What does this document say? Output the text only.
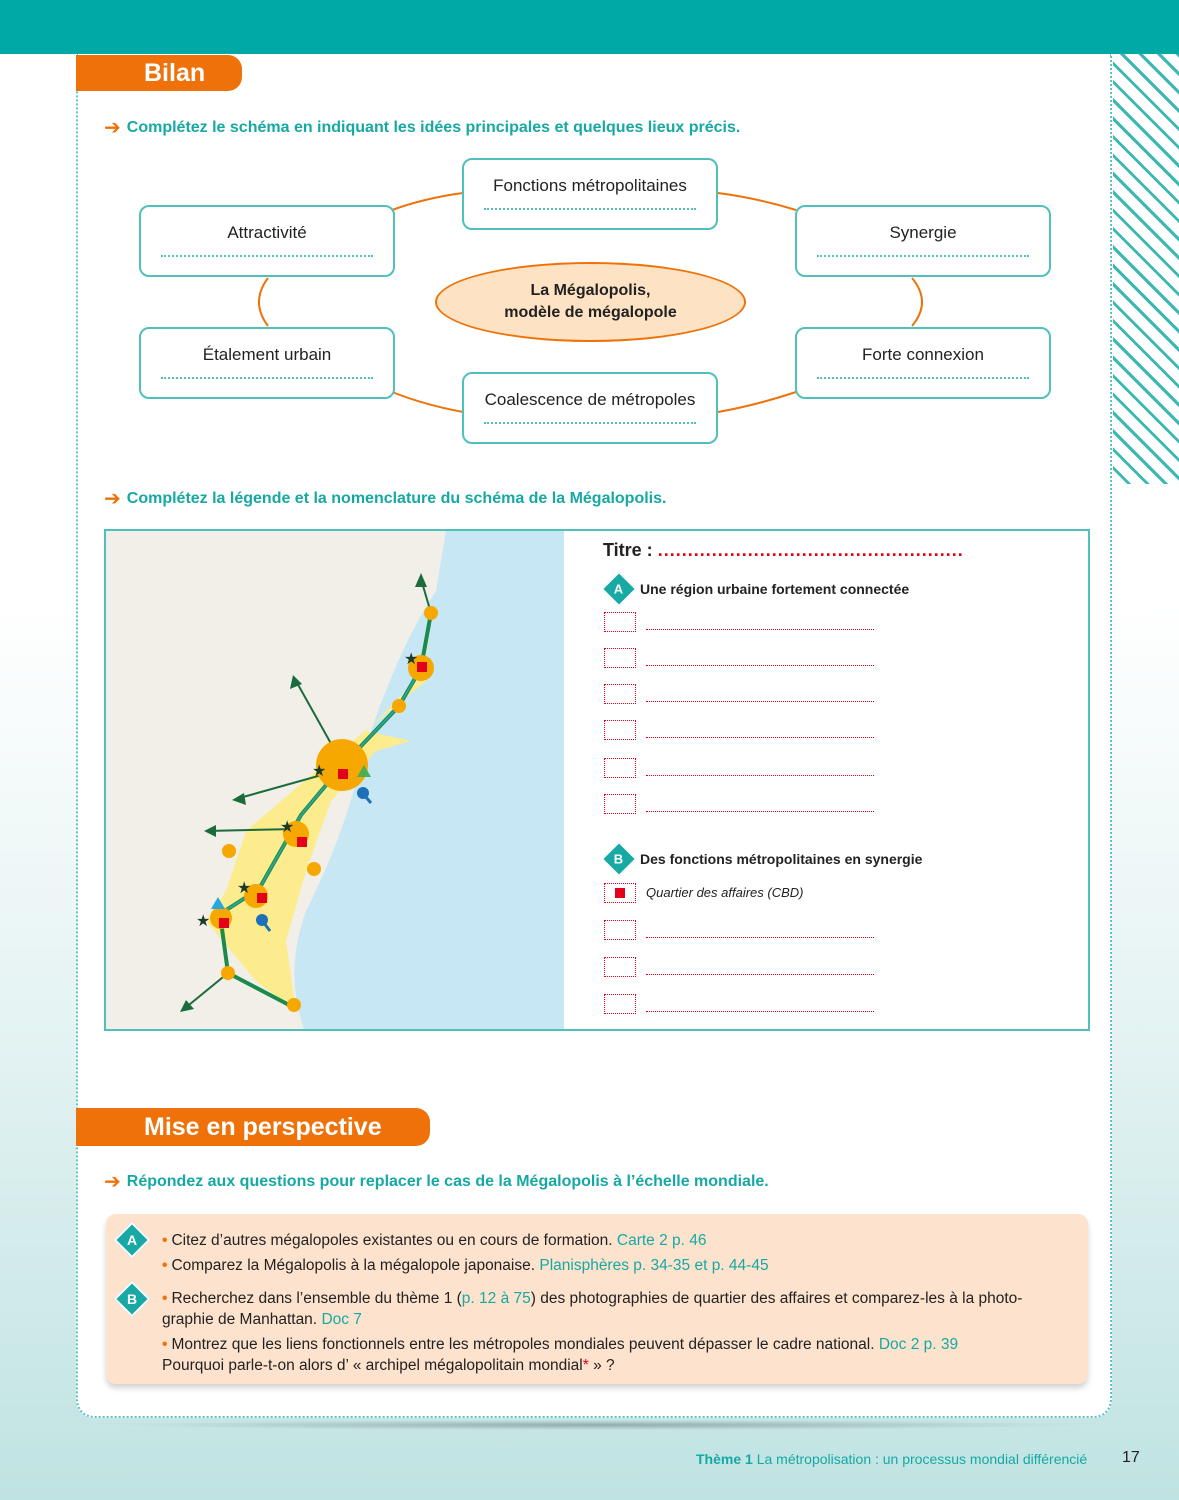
Bilan
➔ Complétez le schéma en indiquant les idées principales et quelques lieux précis.
Fonctions métropolitaines
Attractivité	Synergie
Étalement urbain	Forte connexion
Coalescence de métropoles
La Mégalopolis,
modèle de mégalopole
➔ Complétez la légende et la nomenclature du schéma de la Mégalopolis.
★
★
★
★
★
Titre : ...................................................
A Une région urbaine fortement connectée
B Des fonctions métropolitaines en synergie
Quartier des affaires (CBD)
Mise en perspective
➔ Répondez aux questions pour replacer le cas de la Mégalopolis à l’échelle mondiale.
A • Citez d’autres mégalopoles existantes ou en cours de formation. Carte 2 p. 46
• Comparez la Mégalopolis à la mégalopole japonaise. Planisphères p. 34-35 et p. 44-45
B • Recherchez dans l’ensemble du thème 1 (p. 12 à 75) des photographies de quartier des affaires et comparez-les à la photo-
graphie de Manhattan. Doc 7
• Montrez que les liens fonctionnels entre les métropoles mondiales peuvent dépasser le cadre national. Doc 2 p. 39
Pourquoi parle-t-on alors d’ « archipel mégalopolitain mondial* » ?
Thème 1 La métropolisation : un processus mondial différencié 17
